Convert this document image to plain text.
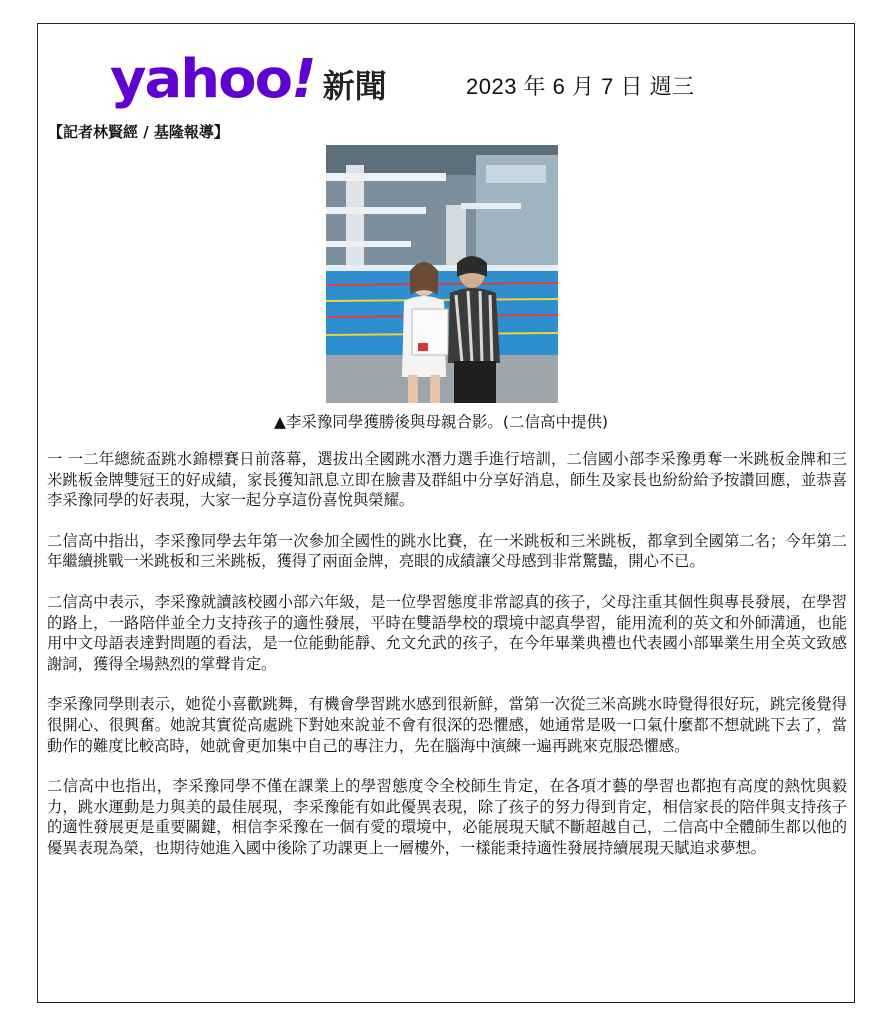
yahoo! 新聞	2023 年 6 月 7 日 週三
【記者林賢經 / 基隆報導】
▲李采豫同學獲勝後與母親合影。(二信高中提供)

一 一二年總統盃跳水錦標賽日前落幕，選拔出全國跳水潛力選手進行培訓，二信國小部李采豫勇奪一米跳板金牌和三米跳板金牌雙冠王的好成績，家長獲知訊息立即在臉書及群組中分享好消息，師生及家長也紛紛給予按讚回應，並恭喜李采豫同學的好表現，大家一起分享這份喜悅與榮耀。

二信高中指出，李采豫同學去年第一次參加全國性的跳水比賽，在一米跳板和三米跳板，都拿到全國第二名；今年第二年繼續挑戰一米跳板和三米跳板，獲得了兩面金牌，亮眼的成績讓父母感到非常驚豔，開心不已。

二信高中表示，李采豫就讀該校國小部六年級，是一位學習態度非常認真的孩子，父母注重其個性與專長發展，在學習的路上，一路陪伴並全力支持孩子的適性發展，平時在雙語學校的環境中認真學習，能用流利的英文和外師溝通，也能用中文母語表達對問題的看法，是一位能動能靜、允文允武的孩子，在今年畢業典禮也代表國小部畢業生用全英文致感謝詞，獲得全場熱烈的掌聲肯定。

李采豫同學則表示，她從小喜歡跳舞，有機會學習跳水感到很新鮮，當第一次從三米高跳水時覺得很好玩，跳完後覺得很開心、很興奮。她說其實從高處跳下對她來說並不會有很深的恐懼感，她通常是吸一口氣什麼都不想就跳下去了，當動作的難度比較高時，她就會更加集中自己的專注力，先在腦海中演練一遍再跳來克服恐懼感。

二信高中也指出，李采豫同學不僅在課業上的學習態度令全校師生肯定，在各項才藝的學習也都抱有高度的熱忱與毅力，跳水運動是力與美的最佳展現，李采豫能有如此優異表現，除了孩子的努力得到肯定，相信家長的陪伴與支持孩子的適性發展更是重要關鍵，相信李采豫在一個有愛的環境中，必能展現天賦不斷超越自己，二信高中全體師生都以他的優異表現為榮，也期待她進入國中後除了功課更上一層樓外，一樣能秉持適性發展持續展現天賦追求夢想。
